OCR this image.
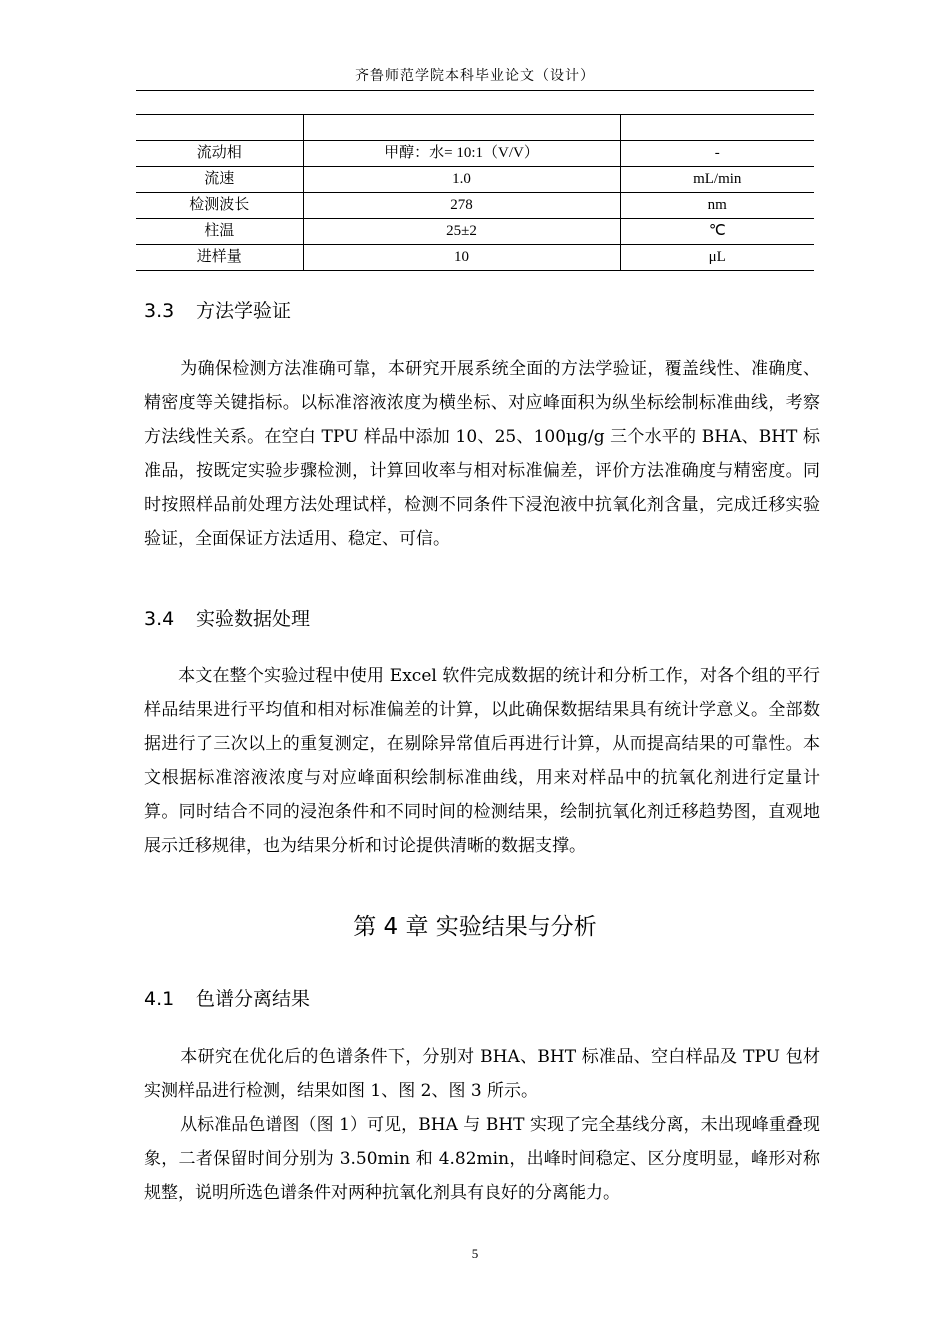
齐鲁师范学院本科毕业论文（设计）

流动相	甲醇：水= 10:1（V/V）	-
流速	1.0	mL/min
检测波长	278	nm
柱温	25±2	℃
进样量	10	μL
3.3 方法学验证
为确保检测方法准确可靠，本研究开展系统全面的方法学验证，覆盖线性、准确度、精密度等关键指标。以标准溶液浓度为横坐标、对应峰面积为纵坐标绘制标准曲线，考察方法线性关系。在空白 TPU 样品中添加 10、25、100μg/g 三个水平的 BHA、BHT 标准品，按既定实验步骤检测，计算回收率与相对标准偏差，评价方法准确度与精密度。同时按照样品前处理方法处理试样，检测不同条件下浸泡液中抗氧化剂含量，完成迁移实验验证，全面保证方法适用、稳定、可信。
3.4 实验数据处理
本文在整个实验过程中使用 Excel 软件完成数据的统计和分析工作，对各个组的平行样品结果进行平均值和相对标准偏差的计算，以此确保数据结果具有统计学意义。全部数据进行了三次以上的重复测定，在剔除异常值后再进行计算，从而提高结果的可靠性。本文根据标准溶液浓度与对应峰面积绘制标准曲线，用来对样品中的抗氧化剂进行定量计算。同时结合不同的浸泡条件和不同时间的检测结果，绘制抗氧化剂迁移趋势图，直观地展示迁移规律，也为结果分析和讨论提供清晰的数据支撑。
第 4 章 实验结果与分析
4.1 色谱分离结果
本研究在优化后的色谱条件下，分别对 BHA、BHT 标准品、空白样品及 TPU 包材实测样品进行检测，结果如图 1、图 2、图 3 所示。
从标准品色谱图（图 1）可见，BHA 与 BHT 实现了完全基线分离，未出现峰重叠现象，二者保留时间分别为 3.50min 和 4.82min，出峰时间稳定、区分度明显，峰形对称规整，说明所选色谱条件对两种抗氧化剂具有良好的分离能力。
5
